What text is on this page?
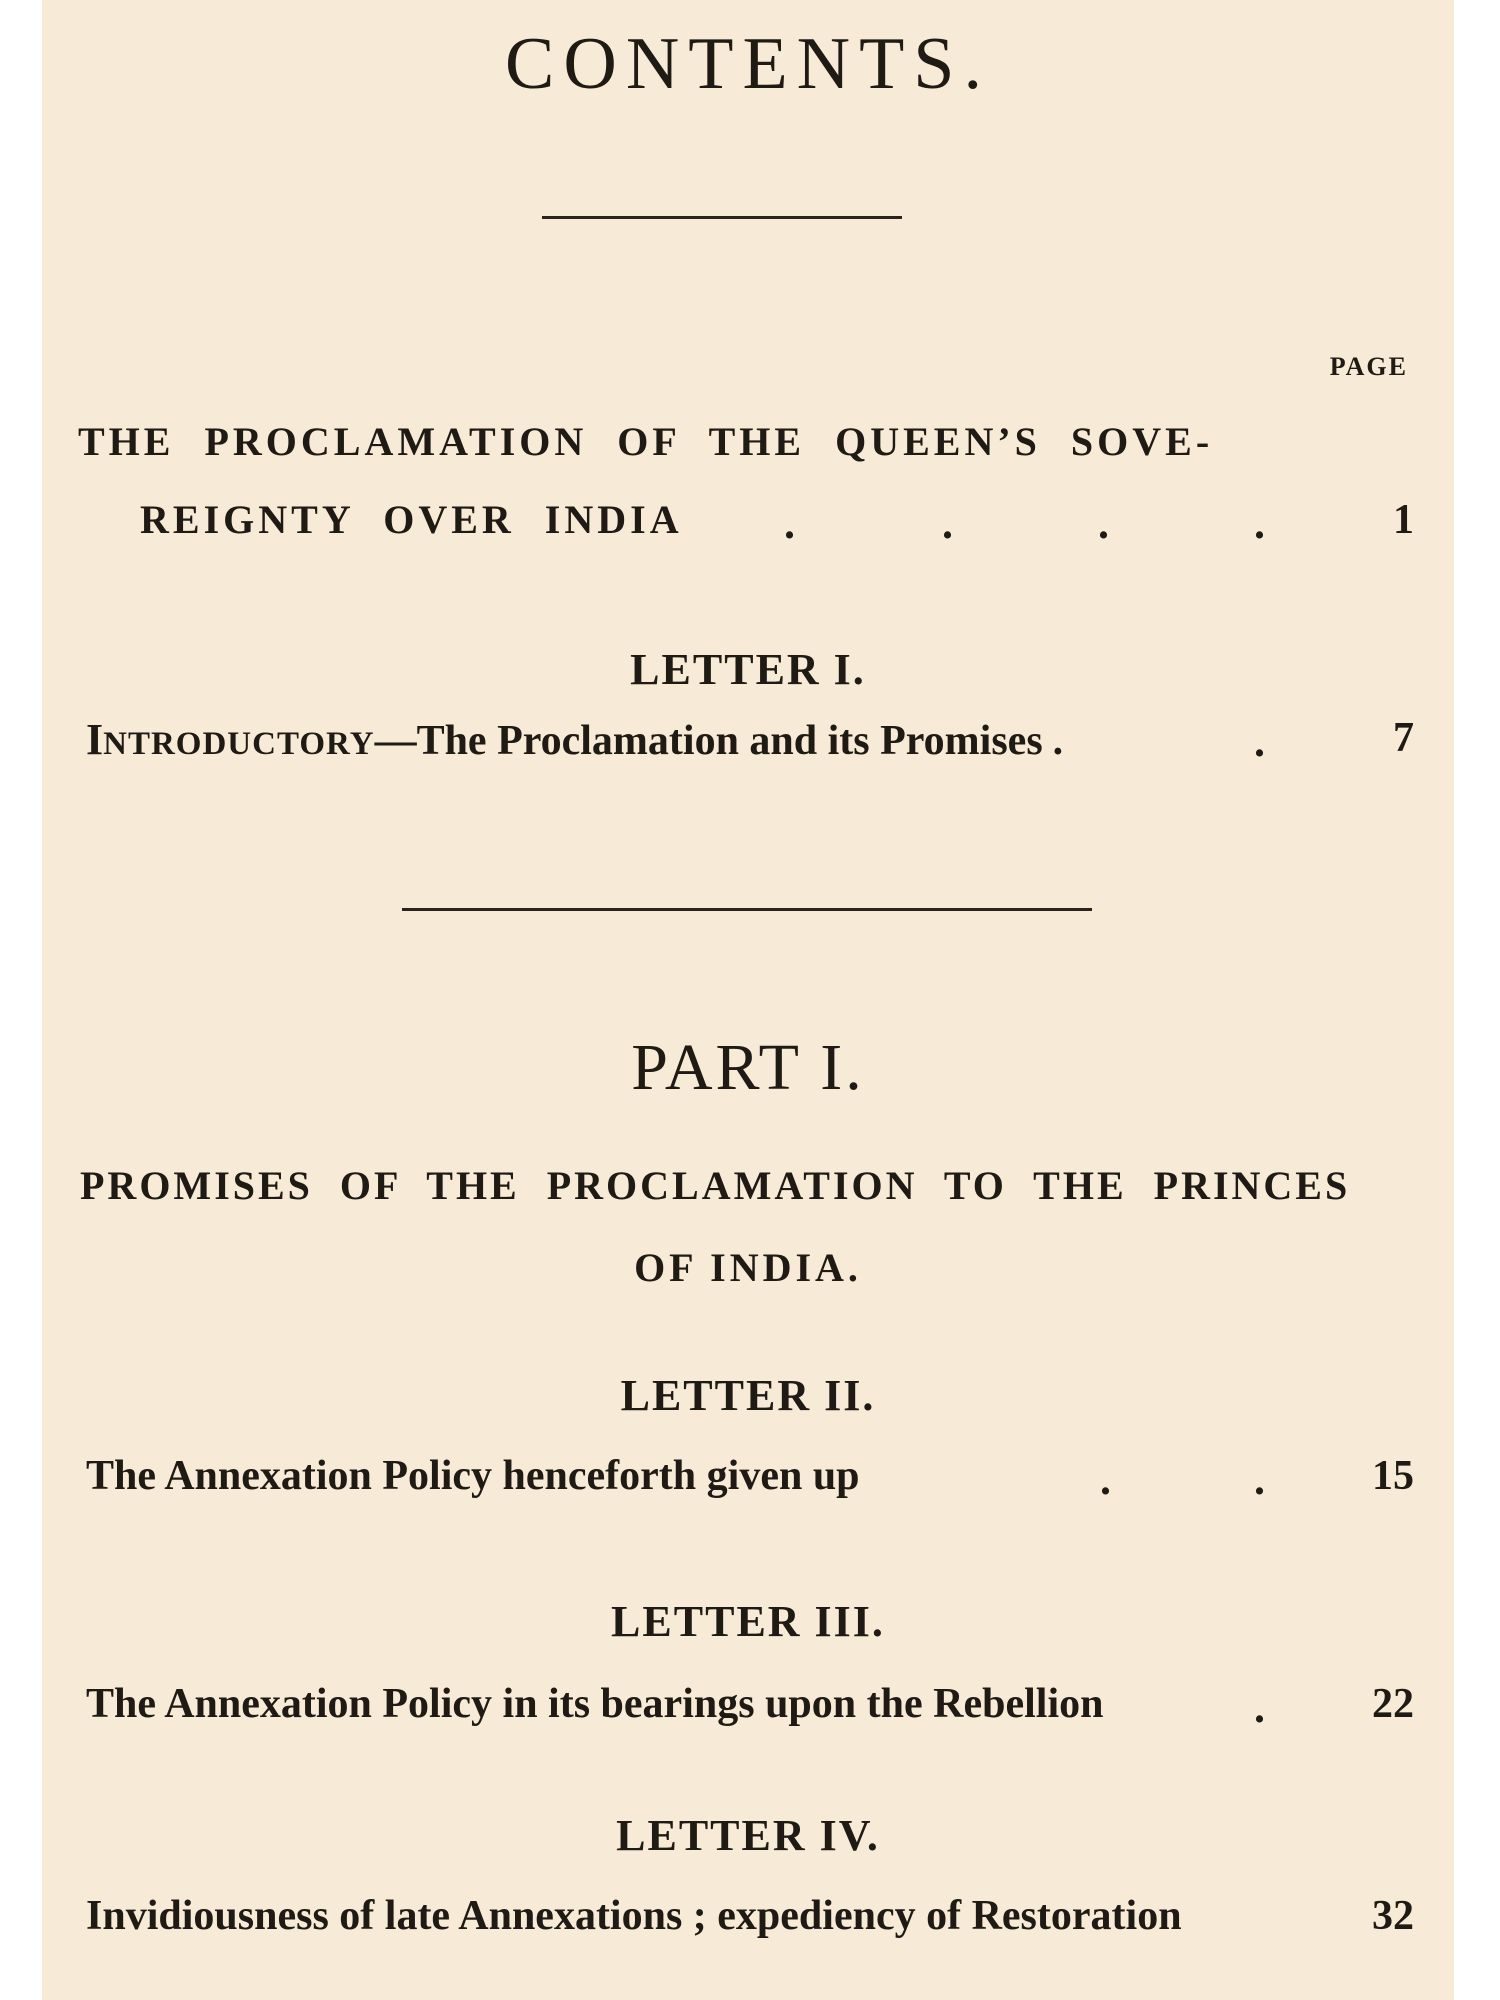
CONTENTS.
PAGE
THE PROCLAMATION OF THE QUEEN’S SOVE-
REIGNTY OVER INDIA .	.	.	.	1
LETTER I.
INTRODUCTORY—The Proclamation and its Promises .	.	7
PART I.
PROMISES OF THE PROCLAMATION TO THE PRINCES
OF INDIA.
LETTER II.
The Annexation Policy henceforth given up	.	.	15
LETTER III.
The Annexation Policy in its bearings upon the Rebellion	.	22
LETTER IV.
Invidiousness of late Annexations ; expediency of Restoration	32
